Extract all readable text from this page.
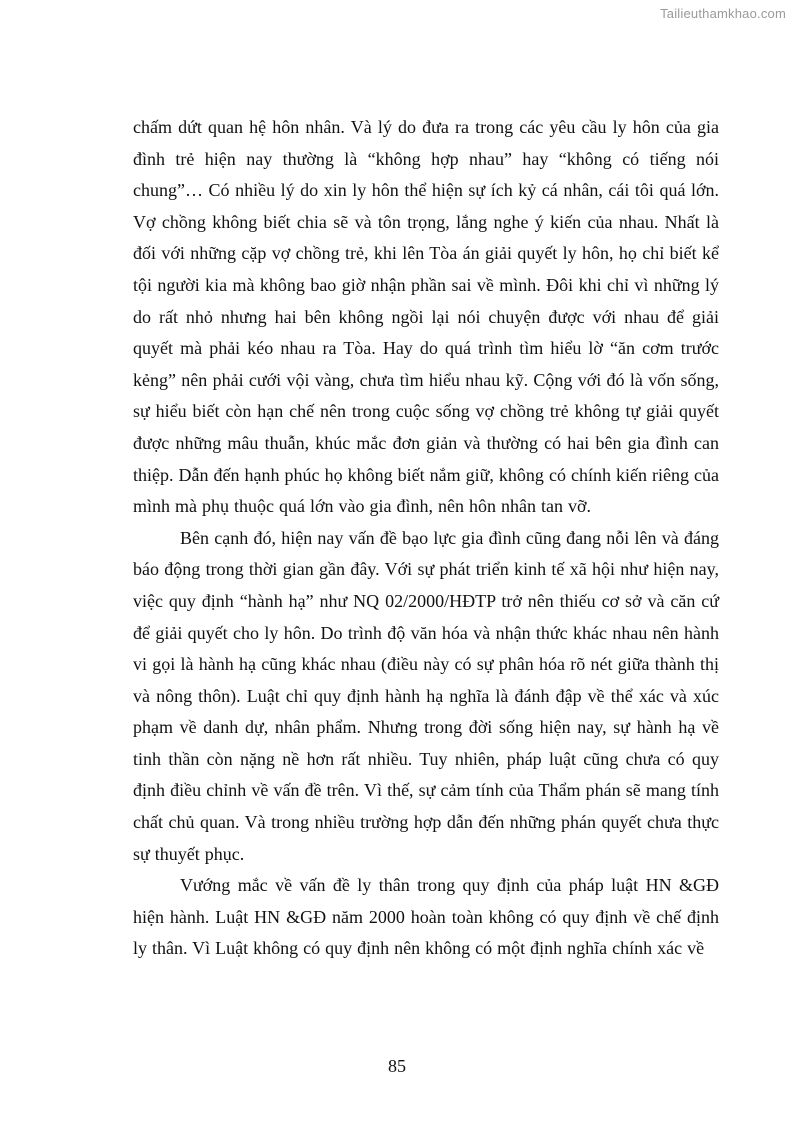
Tailieuthamkhao.com

chấm dứt quan hệ hôn nhân. Và lý do đưa ra trong các yêu cầu ly hôn của gia đình trẻ hiện nay thường là “không hợp nhau” hay “không có tiếng nói chung”… Có nhiều lý do xin ly hôn thể hiện sự ích kỷ cá nhân, cái tôi quá lớn. Vợ chồng không biết chia sẽ và tôn trọng, lắng nghe ý kiến của nhau. Nhất là đối với những cặp vợ chồng trẻ, khi lên Tòa án giải quyết ly hôn, họ chỉ biết kể tội người kia mà không bao giờ nhận phần sai về mình. Đôi khi chỉ vì những lý do rất nhỏ nhưng hai bên không ngồi lại nói chuyện được với nhau để giải quyết mà phải kéo nhau ra Tòa. Hay do quá trình tìm hiểu lờ “ăn cơm trước kẻng” nên phải cưới vội vàng, chưa tìm hiểu nhau kỹ. Cộng với đó là vốn sống, sự hiểu biết còn hạn chế nên trong cuộc sống vợ chồng trẻ không tự giải quyết được những mâu thuẫn, khúc mắc đơn giản và thường có hai bên gia đình can thiệp. Dẫn đến hạnh phúc họ không biết nắm giữ, không có chính kiến riêng của mình mà phụ thuộc quá lớn vào gia đình, nên hôn nhân tan vỡ.

Bên cạnh đó, hiện nay vấn đề bạo lực gia đình cũng đang nỗi lên và đáng báo động trong thời gian gần đây. Với sự phát triển kinh tế xã hội như hiện nay, việc quy định “hành hạ” như NQ 02/2000/HĐTP trở nên thiếu cơ sở và căn cứ để giải quyết cho ly hôn. Do trình độ văn hóa và nhận thức khác nhau nên hành vi gọi là hành hạ cũng khác nhau (điều này có sự phân hóa rõ nét giữa thành thị và nông thôn). Luật chỉ quy định hành hạ nghĩa là đánh đập về thể xác và xúc phạm về danh dự, nhân phẩm. Nhưng trong đời sống hiện nay, sự hành hạ về tinh thần còn nặng nề hơn rất nhiều. Tuy nhiên, pháp luật cũng chưa có quy định điều chỉnh về vấn đề trên. Vì thế, sự cảm tính của Thẩm phán sẽ mang tính chất chủ quan. Và trong nhiều trường hợp dẫn đến những phán quyết chưa thực sự thuyết phục.

Vướng mắc về vấn đề ly thân trong quy định của pháp luật HN &GĐ hiện hành. Luật HN &GĐ năm 2000 hoàn toàn không có quy định về chế định ly thân. Vì Luật không có quy định nên không có một định nghĩa chính xác về

85
